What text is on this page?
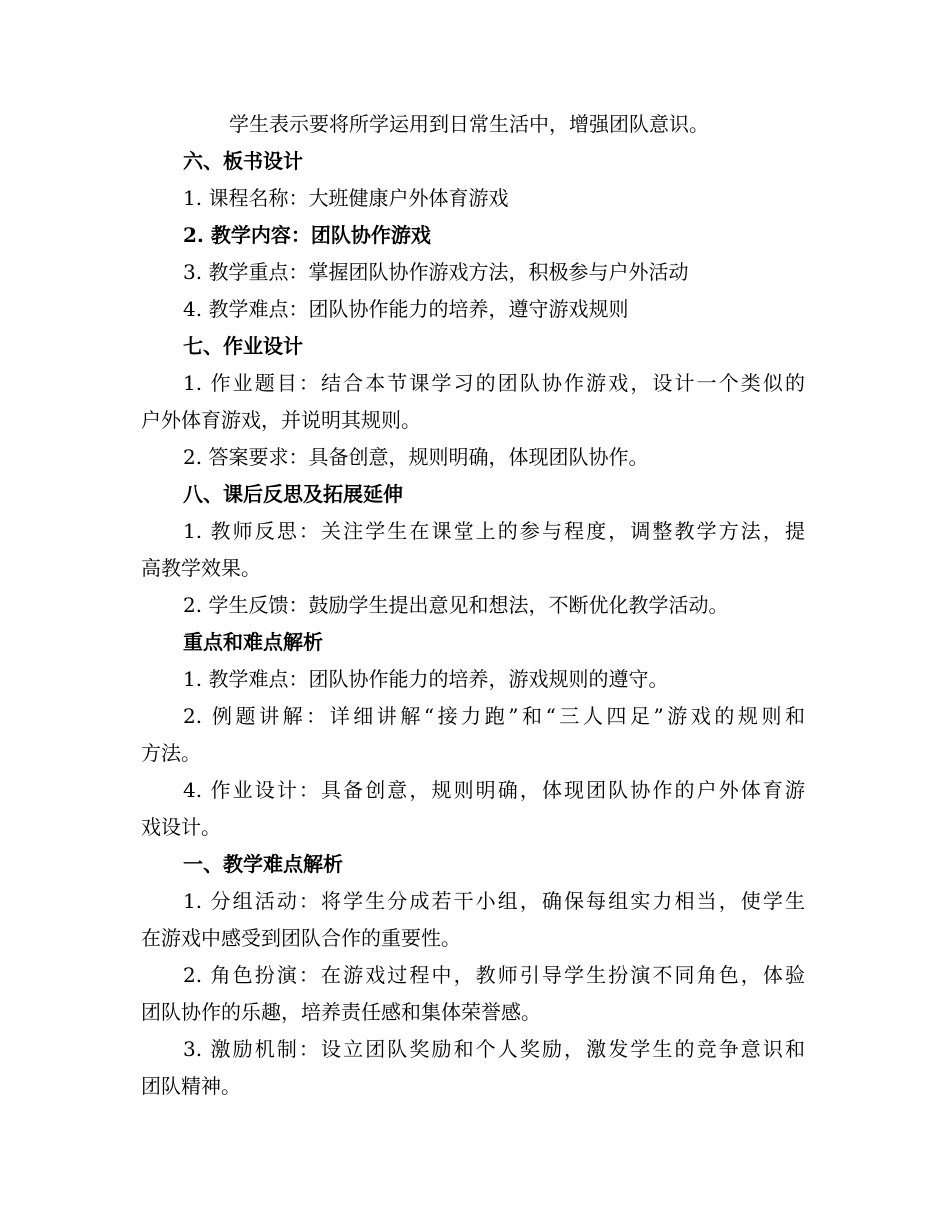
学生表示要将所学运用到日常生活中，增强团队意识。
六、板书设计
1. 课程名称：大班健康户外体育游戏
2. 教学内容：团队协作游戏
3. 教学重点：掌握团队协作游戏方法，积极参与户外活动
4. 教学难点：团队协作能力的培养，遵守游戏规则
七、作业设计
1. 作业题目：结合本节课学习的团队协作游戏，设计一个类似的
户外体育游戏，并说明其规则。
2. 答案要求：具备创意，规则明确，体现团队协作。
八、课后反思及拓展延伸
1. 教师反思：关注学生在课堂上的参与程度，调整教学方法，提
高教学效果。
2. 学生反馈：鼓励学生提出意见和想法，不断优化教学活动。
重点和难点解析
1. 教学难点：团队协作能力的培养，游戏规则的遵守。
2. 例题讲解：详细讲解“接力跑”和“三人四足”游戏的规则和
方法。
4. 作业设计：具备创意，规则明确，体现团队协作的户外体育游
戏设计。
一、教学难点解析
1. 分组活动：将学生分成若干小组，确保每组实力相当，使学生
在游戏中感受到团队合作的重要性。
2. 角色扮演：在游戏过程中，教师引导学生扮演不同角色，体验
团队协作的乐趣，培养责任感和集体荣誉感。
3. 激励机制：设立团队奖励和个人奖励，激发学生的竞争意识和
团队精神。
